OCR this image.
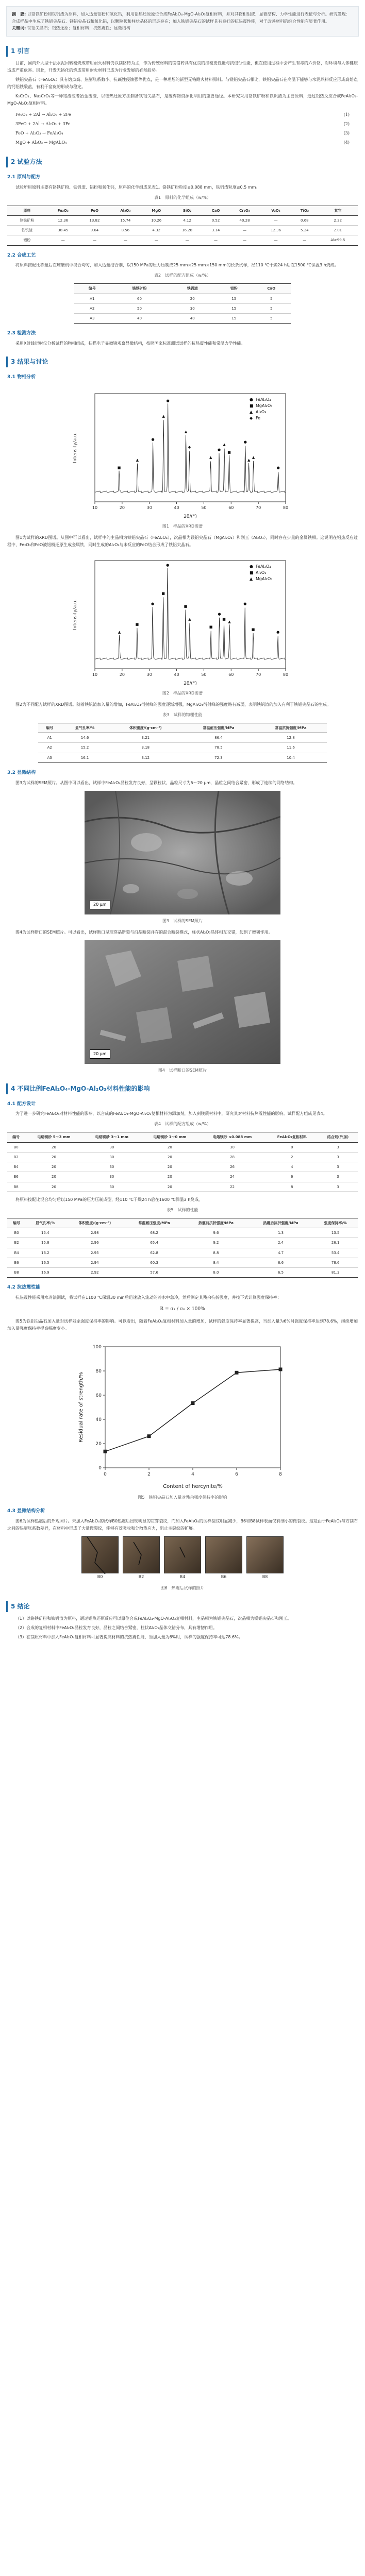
摘　要: 以铬铁矿粉和铁钒渣为原料，加入适量铝粉和氧化钙，利用铝热还原原位合成FeAl₂O₄-MgO-Al₂O₃复相材料，并对其物相组成、显微结构、力学性能进行表征与分析。研究发现：合成样品中生成了铁铝尖晶石、镁铝尖晶石和氧化铝，以颗粒状和柱状晶体的形态存在；加入铁铝尖晶石的试样具有良好的抗热震性能，对于改善材料的综合性能有显著作用。
关键词: 铁铝尖晶石；铝热还原；复相材料；抗热震性；显微结构
1 引言

目前，国内外大型干法水泥回转窑烧成带用耐火材料仍以镁铬砖为主，作为传统材料的镁铬砖具有优良的挂窑皮性能与抗侵蚀性能，但在使用过程中会产生有毒的六价铬，对环境与人体健康造成严重危害。因此，开发无铬化的烧成带用耐火材料已成为行业发展的必然趋势。

铁铝尖晶石（FeAl₂O₄）具有熔点高、热膨胀系数小、抗碱性侵蚀强等优点，是一种理想的新型无铬耐火材料原料。与镁铝尖晶石相比，铁铝尖晶石在高温下能够与水泥熟料反应形成高熔点的钙铝铁酸盐，有利于窑皮的形成与稳定。

K₂CrO₄、Na₂CrO₄等一种铬渣或者冶金废渣，以铝热还原方法制备铁铝尖晶石，是废弃物资源化利用的重要途径。本研究采用铬铁矿粉和铁钒渣为主要原料，通过铝热反应合成FeAl₂O₄-MgO-Al₂O₃复相材料。

Fe₂O₃ + 2Al → Al₂O₃ + 2Fe	(1)
3FeO + 2Al → Al₂O₃ + 3Fe	(2)
FeO + Al₂O₃ → FeAl₂O₄	(3)
MgO + Al₂O₃ → MgAl₂O₄	(4)
2 试验方法
2.1 原料与配方

试验所用原料主要有铬铁矿粉、铁钒渣、铝粉和氧化钙，原料的化学组成见表1。铬铁矿粉粒度≤0.088 mm，铁钒渣粒度≤0.5 mm。

表1　原料的化学组成（w/%）
原料	Fe₂O₃	FeO	Al₂O₃	MgO	SiO₂	CaO	Cr₂O₃	V₂O₅	TiO₂	其它
铬铁矿粉	12.36	13.82	15.74	10.26	4.12	0.52	40.28	—	0.68	2.22
铁钒渣	38.45	9.64	8.56	4.32	16.28	3.14	—	12.36	5.24	2.01
铝粉	—	—	—	—	—	—	—	—	—	Al≥99.5
2.2 合成工艺

将原料按配比称量后在球磨机中混合均匀，加入适量结合剂，以150 MPa的压力压制成25 mm×25 mm×150 mm的长条试样，经110 ℃干燥24 h后在1500 ℃保温3 h烧成。

表2　试样的配方组成（w/%）
编号	铬铁矿粉	铁钒渣	铝粉	CaO
A1	60	20	15	5
A2	50	30	15	5
A3	40	40	15	5
2.3 检测方法

采用X射线衍射仪分析试样的物相组成，扫描电子显微镜观察显微结构，按照国家标准测试试样的抗热震性能和常温力学性能。

3 结果与讨论
3.1 物相分析
10	20	30	40	50	60	70	80
2θ/(°)
Intensity/a.u.
■
▲
●
▲
●
▲
◆
▲
●
▲
■
●
▲
▲
●
● FeAl₂O₄
■ MgAl₂O₄
▲ Al₂O₃
◆ Fe
图1　样品的XRD图谱

图1为试样的XRD图谱。从图中可以看出，试样中的主晶相为铁铝尖晶石（FeAl₂O₄），次晶相为镁铝尖晶石（MgAl₂O₄）和刚玉（Al₂O₃），同时存在少量的金属铁相。这说明在铝热反应过程中，Fe₂O₃和FeO被铝粉还原生成金属铁，同时生成的Al₂O₃与未反应的FeO结合形成了铁铝尖晶石。

10	20	30	40	50	60	70	80
2θ/(°)
Intensity/a.u.
▲
■
●
■
●
■
▲
■
●
■
▲
●
■
●
● FeAl₂O₄
■ Al₂O₃
▲ MgAl₂O₄
图2　样品的XRD图谱

图2为不同配方试样的XRD图谱。随着铁钒渣加入量的增加，FeAl₂O₄衍射峰的强度逐渐增强，MgAl₂O₄衍射峰的强度略有减弱，表明铁钒渣的加入有利于铁铝尖晶石的生成。

表3　试样的物理性能
编号	显气孔率/%	体积密度/(g·cm⁻³)	常温耐压强度/MPa	常温抗折强度/MPa
A1	14.6	3.21	86.4	12.8
A2	15.2	3.18	78.5	11.6
A3	16.1	3.12	72.3	10.4
3.2 显微结构

图3为试样的SEM照片。从图中可以看出，试样中FeAl₂O₄晶粒发育良好，呈颗粒状，晶粒尺寸为5～20 μm，晶粒之间结合紧密，形成了连续的网络结构。

20 μm
图3　试样的SEM照片

图4为试样断口的SEM照片。可以看出，试样断口呈现穿晶断裂与沿晶断裂并存的混合断裂模式，柱状Al₂O₃晶体相互交错，起到了增韧作用。

20 μm
图4　试样断口的SEM照片
4 不同比例FeAl₂O₄-MgO-Al₂O₃材料性能的影响
4.1 配方设计

为了进一步研究FeAl₂O₄对材料性能的影响，以合成的FeAl₂O₄-MgO-Al₂O₃复相材料为添加剂，加入到镁质材料中，研究其对材料抗热震性能的影响。试样配方组成见表4。

表4　试样的配方组成（w/%）
编号	电熔镁砂 5～3 mm	电熔镁砂 3～1 mm	电熔镁砂 1～0 mm	电熔镁砂 ≤0.088 mm	FeAl₂O₄复相材料	结合剂(外加)
B0	20	30	20	30	0	3
B2	20	30	20	28	2	3
B4	20	30	20	26	4	3
B6	20	30	20	24	6	3
B8	20	30	20	22	8	3

将原料按配比混合均匀后以150 MPa的压力压制成型，经110 ℃干燥24 h后在1600 ℃保温3 h烧成。

表5　试样的性能
编号	显气孔率/%	体积密度/(g·cm⁻³)	常温耐压强度/MPa	热震前抗折强度/MPa	热震后抗折强度/MPa	强度保持率/%
B0	15.4	2.98	68.2	9.6	1.3	13.5
B2	15.8	2.96	65.4	9.2	2.4	26.1
B4	16.2	2.95	62.8	8.8	4.7	53.4
B6	16.5	2.94	60.3	8.4	6.6	78.6
B8	16.9	2.92	57.6	8.0	6.5	81.3
4.2 抗热震性能

抗热震性能采用水冷法测试，将试样在1100 ℃保温30 min后迅速放入流动的冷水中急冷，然后测定其残余抗折强度，并按下式计算强度保持率：

R = σ₁ / σ₀ × 100%

图5为铁铝尖晶石加入量对试样残余强度保持率的影响。可以看出，随着FeAl₂O₄复相材料加入量的增加，试样的强度保持率显著提高，当加入量为6%时强度保持率达到78.6%，继续增加加入量强度保持率提高幅度变小。

0
20
40
60
80
100
0	2	4	6	8
Content of hercynite/%
Residual rate of strength/%
图5　铁铝尖晶石加入量对残余强度保持率的影响
4.3 显微结构分析

图6为试样热震后的外观照片。未加入FeAl₂O₄的试样B0热震后出现明显的贯穿裂纹，而加入FeAl₂O₄的试样裂纹明显减少，B6和B8试样表面仅有细小的微裂纹。这是由于FeAl₂O₄与方镁石之间的热膨胀系数差异，在材料中形成了大量微裂纹，能够有效吸收和分散热应力，阻止主裂纹的扩展。

B0	B2	B4	B6	B8
图6　热震后试样的照片
5 结论

（1）以铬铁矿粉和铁钒渣为原料，通过铝热还原反应可以原位合成FeAl₂O₄-MgO-Al₂O₃复相材料，主晶相为铁铝尖晶石，次晶相为镁铝尖晶石和刚玉。

（2）合成的复相材料中FeAl₂O₄晶粒发育良好，晶粒之间结合紧密，柱状Al₂O₃晶体交错分布，具有增韧作用。

（3）在镁质材料中加入FeAl₂O₄复相材料可显著提高材料的抗热震性能，当加入量为6%时，试样的强度保持率可达78.6%。
